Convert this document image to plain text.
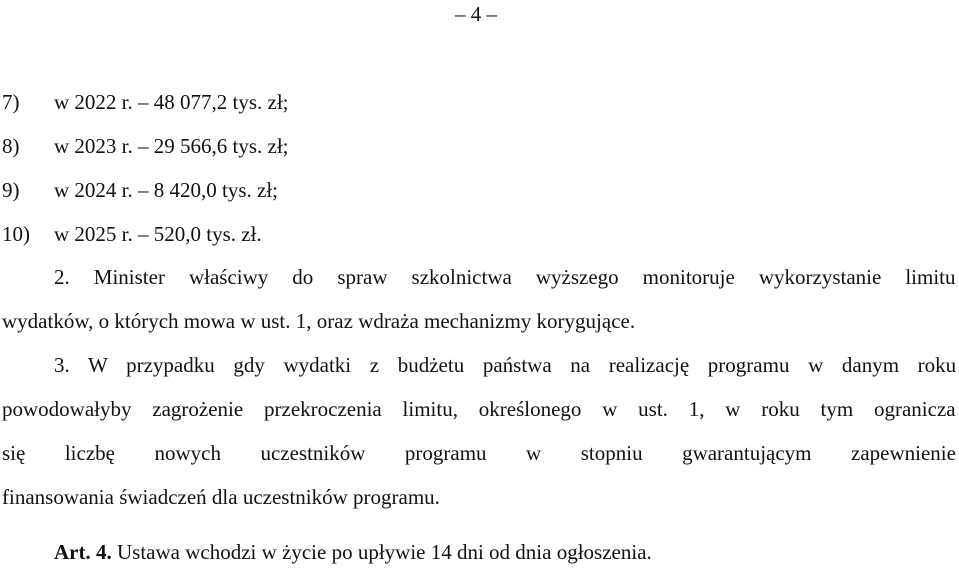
– 4 –
7) w 2022 r. – 48 077,2 tys. zł;
8) w 2023 r. – 29 566,6 tys. zł;
9) w 2024 r. – 8 420,0 tys. zł;
10) w 2025 r. – 520,0 tys. zł.
2. Minister właściwy do spraw szkolnictwa wyższego monitoruje wykorzystanie limitu
wydatków, o których mowa w ust. 1, oraz wdraża mechanizmy korygujące.
3. W przypadku gdy wydatki z budżetu państwa na realizację programu w danym roku
powodowałyby zagrożenie przekroczenia limitu, określonego w ust. 1, w roku tym ogranicza
się liczbę nowych uczestników programu w stopniu gwarantującym zapewnienie
finansowania świadczeń dla uczestników programu.
Art. 4. Ustawa wchodzi w życie po upływie 14 dni od dnia ogłoszenia.
